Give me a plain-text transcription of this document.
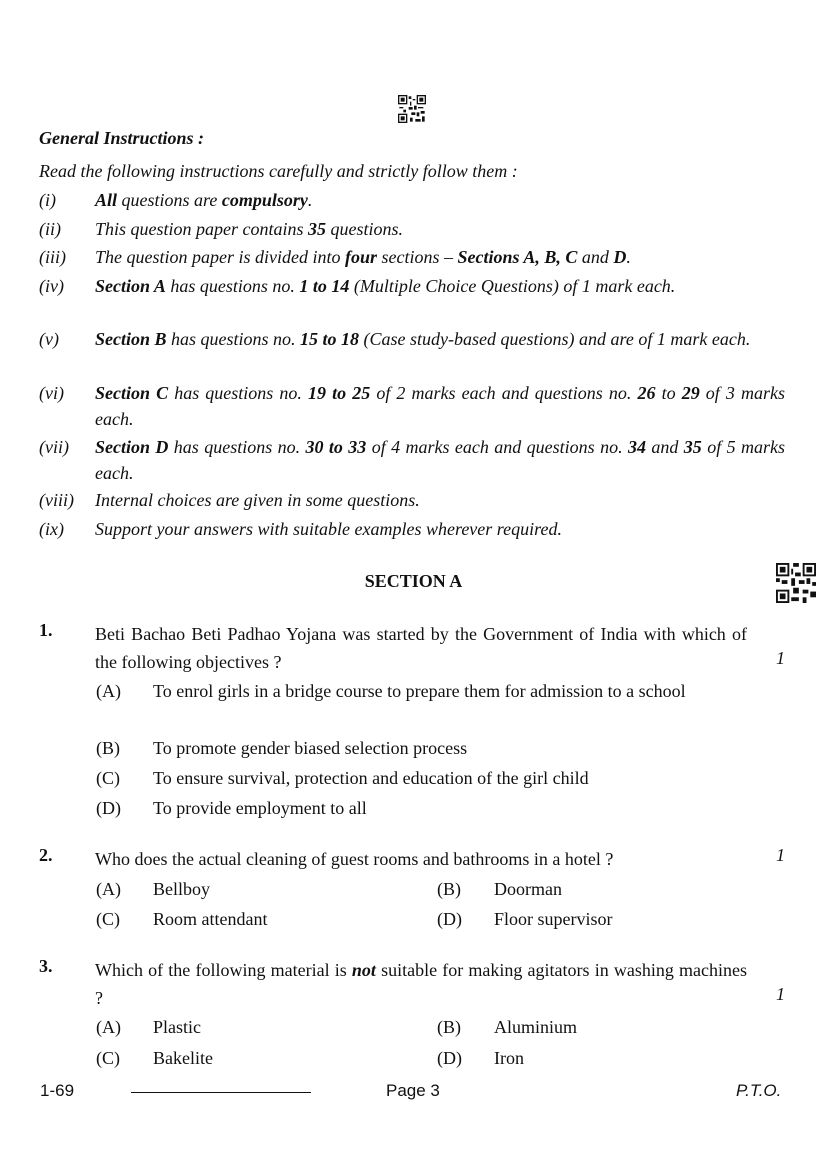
General Instructions :
Read the following instructions carefully and strictly follow them :
(i)	All questions are compulsory.
(ii)	This question paper contains 35 questions.
(iii)	The question paper is divided into four sections – Sections A, B, C and D.
(iv)	Section A has questions no. 1 to 14 (Multiple Choice Questions) of 1 mark each.
(v)	Section B has questions no. 15 to 18 (Case study-based questions) and are of 1 mark each.
(vi)	Section C has questions no. 19 to 25 of 2 marks each and questions no. 26 to 29 of 3 marks each.
(vii)	Section D has questions no. 30 to 33 of 4 marks each and questions no. 34 and 35 of 5 marks each.
(viii)	Internal choices are given in some questions.
(ix)	Support your answers with suitable examples wherever required.
SECTION A
1. Beti Bachao Beti Padhao Yojana was started by the Government of India with which of the following objectives ?	1
(A) To enrol girls in a bridge course to prepare them for admission to a school
(B) To promote gender biased selection process
(C) To ensure survival, protection and education of the girl child
(D) To provide employment to all
2. Who does the actual cleaning of guest rooms and bathrooms in a hotel ?	1
(A) Bellboy	(B) Doorman
(C) Room attendant	(D) Floor supervisor
3. Which of the following material is not suitable for making agitators in washing machines ?	1
(A) Plastic	(B) Aluminium
(C) Bakelite	(D) Iron
1-69	Page 3	P.T.O.
